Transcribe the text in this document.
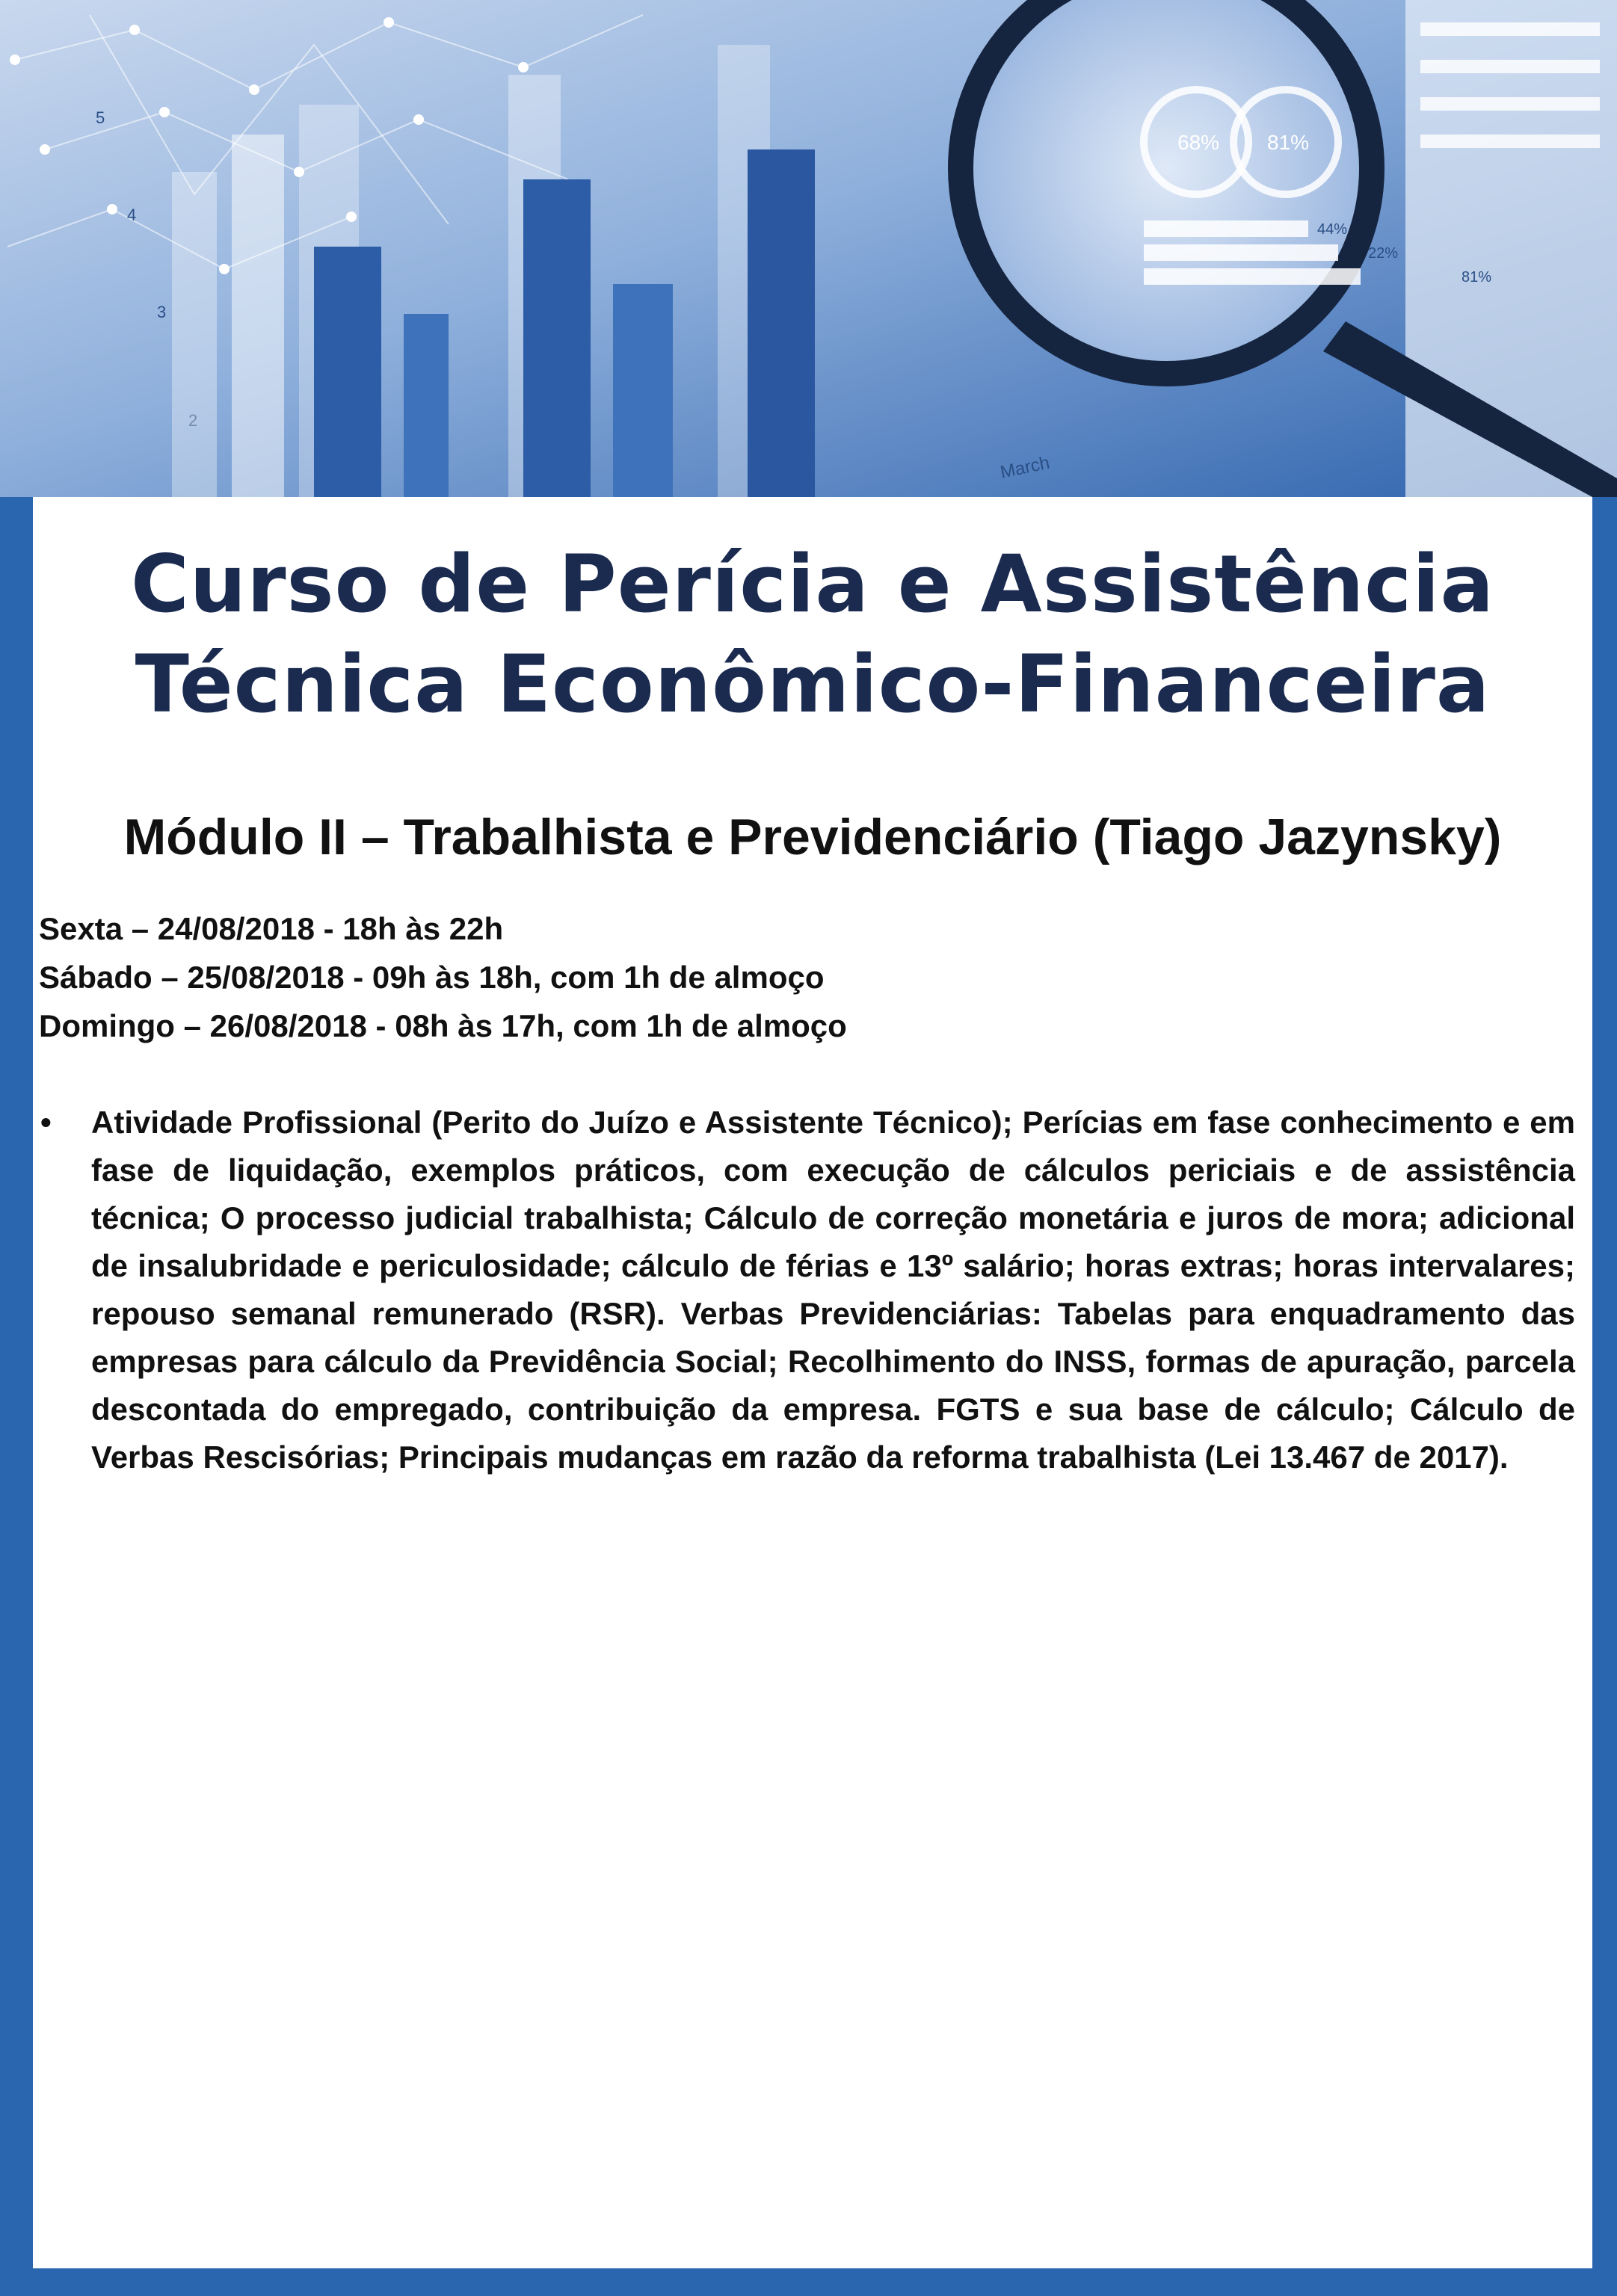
5
4
3
2
68% 81%
44%
22%
81%
March
Curso de Perícia e Assistência
Técnica Econômico-Financeira
Módulo II – Trabalhista e Previdenciário (Tiago Jazynsky)
Sexta – 24/08/2018 - 18h às 22h
Sábado – 25/08/2018 - 09h às 18h, com 1h de almoço
Domingo – 26/08/2018 - 08h às 17h, com 1h de almoço
• Atividade Profissional (Perito do Juízo e Assistente Técnico); Perícias em fase conhecimento e em fase de liquidação, exemplos práticos, com execução de cálculos periciais e de assistência técnica; O processo judicial trabalhista; Cálculo de correção monetária e juros de mora; adicional de insalubridade e periculosidade; cálculo de férias e 13º salário; horas extras; horas intervalares; repouso semanal remunerado (RSR). Verbas Previdenciárias: Tabelas para enquadramento das empresas para cálculo da Previdência Social; Recolhimento do INSS, formas de apuração, parcela descontada do empregado, contribuição da empresa. FGTS e sua base de cálculo; Cálculo de Verbas Rescisórias; Principais mudanças em razão da reforma trabalhista (Lei 13.467 de 2017).
